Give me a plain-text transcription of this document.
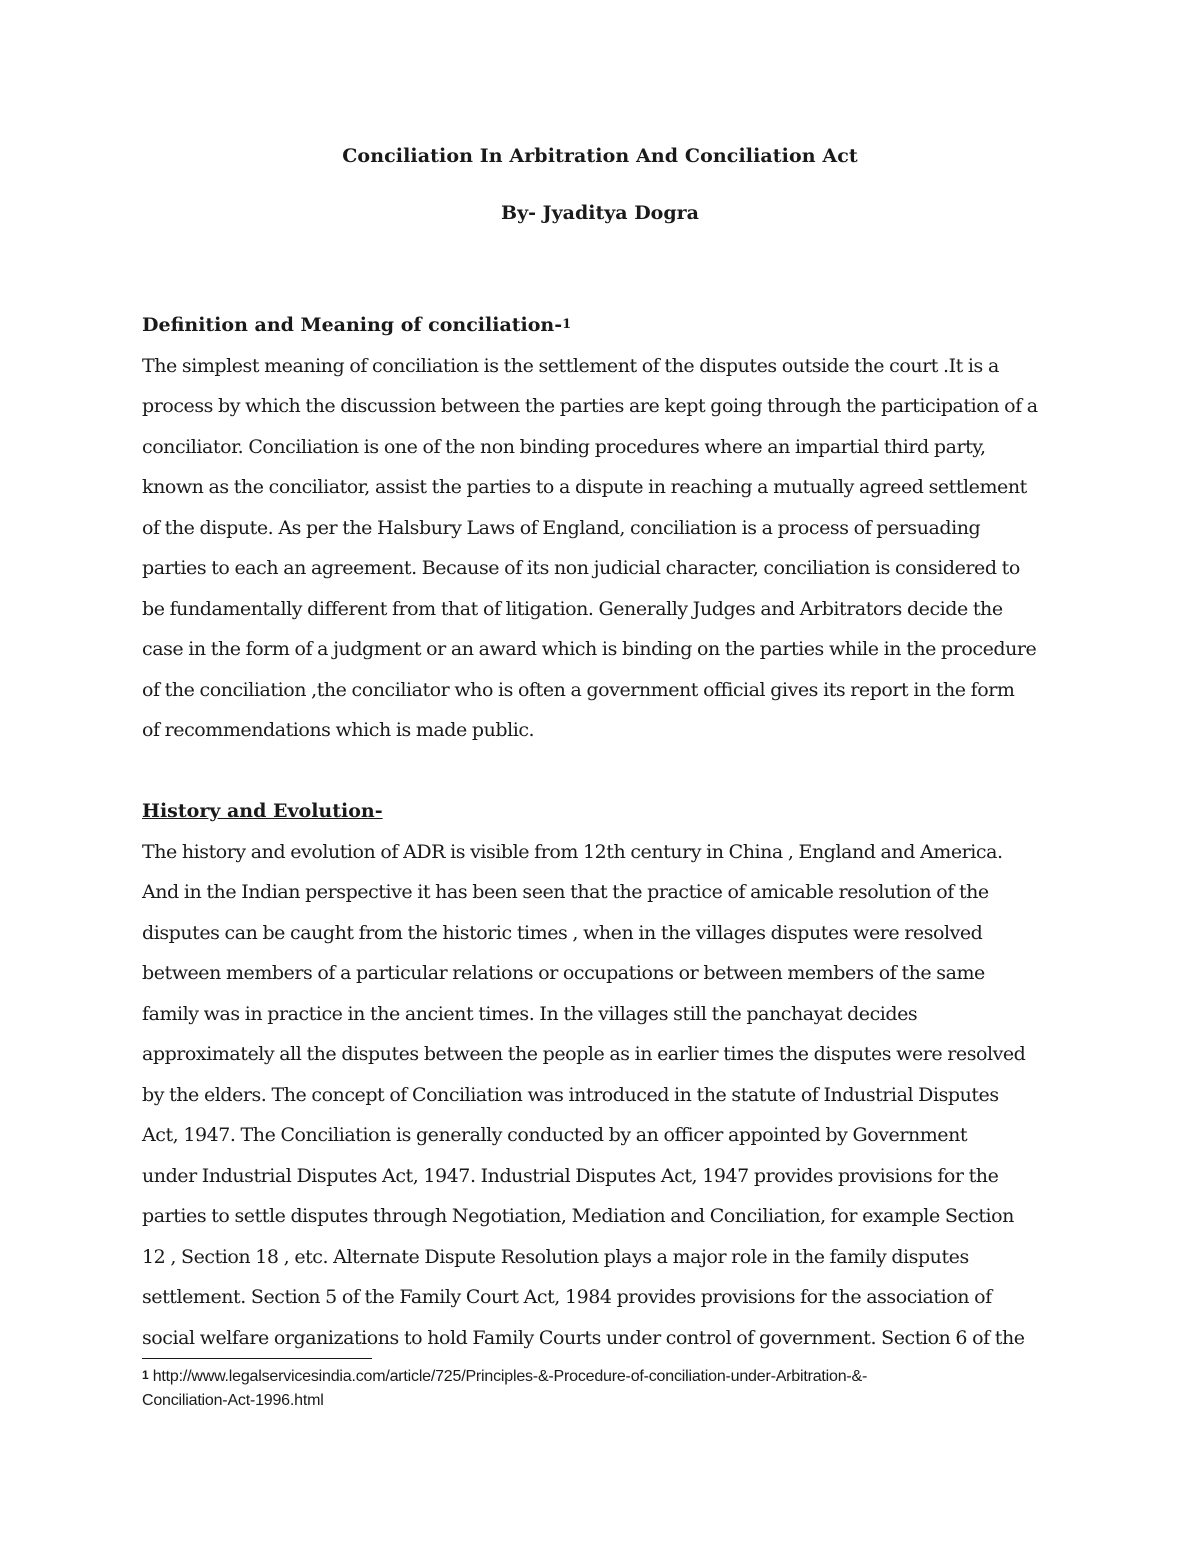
Conciliation In Arbitration And Conciliation Act
By- Jyaditya Dogra
Definition and Meaning of conciliation-$^1$
The simplest meaning of conciliation is the settlement of the disputes outside the court .It is a
process by which the discussion between the parties are kept going through the participation of a
conciliator. Conciliation is one of the non binding procedures where an impartial third party,
known as the conciliator, assist the parties to a dispute in reaching a mutually agreed settlement
of the dispute. As per the Halsbury Laws of England, conciliation is a process of persuading
parties to each an agreement. Because of its non judicial character, conciliation is considered to
be fundamentally different from that of litigation. Generally Judges and Arbitrators decide the
case in the form of a judgment or an award which is binding on the parties while in the procedure
of the conciliation ,the conciliator who is often a government official gives its report in the form
of recommendations which is made public.
History and Evolution-
The history and evolution of ADR is visible from 12th century in China , England and America.
And in the Indian perspective it has been seen that the practice of amicable resolution of the
disputes can be caught from the historic times , when in the villages disputes were resolved
between members of a particular relations or occupations or between members of the same
family was in practice in the ancient times. In the villages still the panchayat decides
approximately all the disputes between the people as in earlier times the disputes were resolved
by the elders. The concept of Conciliation was introduced in the statute of Industrial Disputes
Act, 1947. The Conciliation is generally conducted by an officer appointed by Government
under Industrial Disputes Act, 1947. Industrial Disputes Act, 1947 provides provisions for the
parties to settle disputes through Negotiation, Mediation and Conciliation, for example Section
12 , Section 18 , etc. Alternate Dispute Resolution plays a major role in the family disputes
settlement. Section 5 of the Family Court Act, 1984 provides provisions for the association of
social welfare organizations to hold Family Courts under control of government. Section 6 of the
$^1$ http://www.legalservicesindia.com/article/725/Principles-&-Procedure-of-conciliation-under-Arbitration-&-
Conciliation-Act-1996.html
